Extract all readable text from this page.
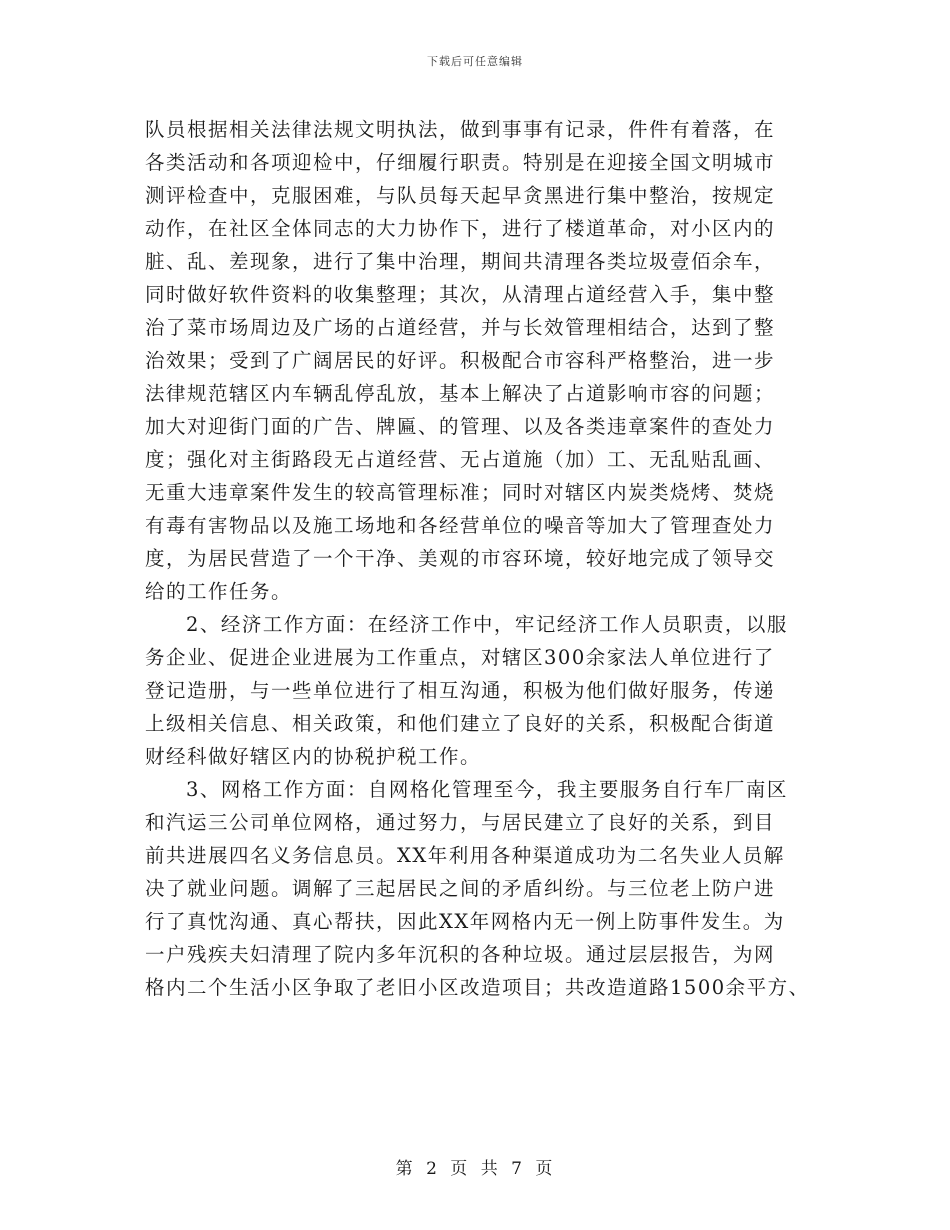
下载后可任意编辑
队员根据相关法律法规文明执法，做到事事有记录，件件有着落，在
各类活动和各项迎检中，仔细履行职责。特别是在迎接全国文明城市
测评检查中，克服困难，与队员每天起早贪黑进行集中整治，按规定
动作，在社区全体同志的大力协作下，进行了楼道革命，对小区内的
脏、乱、差现象，进行了集中治理，期间共清理各类垃圾壹佰余车，
同时做好软件资料的收集整理；其次，从清理占道经营入手，集中整
治了菜市场周边及广场的占道经营，并与长效管理相结合，达到了整
治效果；受到了广阔居民的好评。积极配合市容科严格整治，进一步
法律规范辖区内车辆乱停乱放，基本上解决了占道影响市容的问题；
加大对迎街门面的广告、牌匾、的管理、以及各类违章案件的查处力
度；强化对主街路段无占道经营、无占道施（加）工、无乱贴乱画、
无重大违章案件发生的较高管理标准；同时对辖区内炭类烧烤、焚烧
有毒有害物品以及施工场地和各经营单位的噪音等加大了管理查处力
度，为居民营造了一个干净、美观的市容环境，较好地完成了领导交
给的工作任务。
2、经济工作方面：在经济工作中，牢记经济工作人员职责，以服
务企业、促进企业进展为工作重点，对辖区300余家法人单位进行了
登记造册，与一些单位进行了相互沟通，积极为他们做好服务，传递
上级相关信息、相关政策，和他们建立了良好的关系，积极配合街道
财经科做好辖区内的协税护税工作。
3、网格工作方面：自网格化管理至今，我主要服务自行车厂南区
和汽运三公司单位网格，通过努力，与居民建立了良好的关系，到目
前共进展四名义务信息员。XX年利用各种渠道成功为二名失业人员解
决了就业问题。调解了三起居民之间的矛盾纠纷。与三位老上防户进
行了真忱沟通、真心帮扶，因此XX年网格内无一例上防事件发生。为
一户残疾夫妇清理了院内多年沉积的各种垃圾。通过层层报告，为网
格内二个生活小区争取了老旧小区改造项目；共改造道路1500余平方、
第 2 页 共 7 页
